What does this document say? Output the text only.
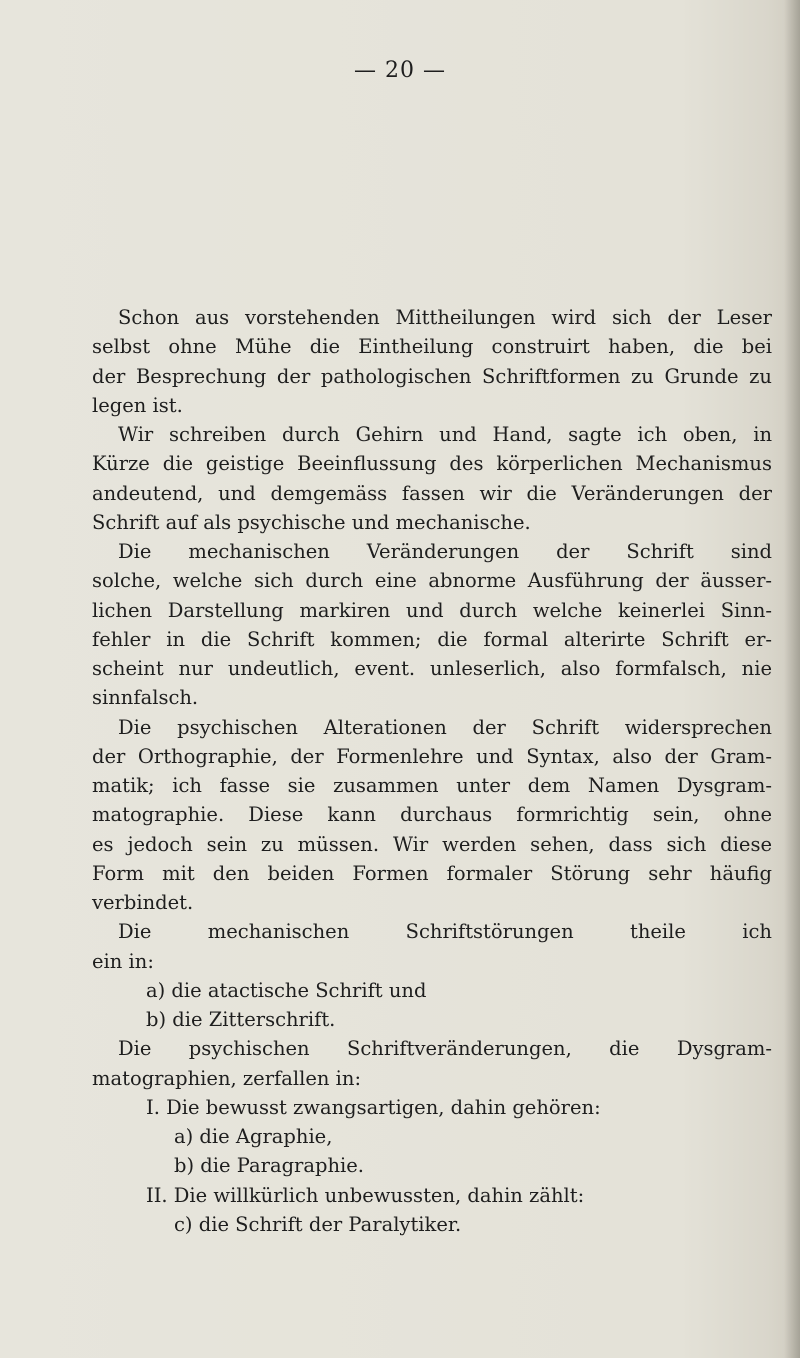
— 20 —
Schon aus vorstehenden Mittheilungen wird sich der Leser
selbst ohne Mühe die Eintheilung construirt haben, die bei
der Besprechung der pathologischen Schriftformen zu Grunde zu
legen ist.
Wir schreiben durch Gehirn und Hand, sagte ich oben, in
Kürze die geistige Beeinflussung des körperlichen Mechanismus
andeutend, und demgemäss fassen wir die Veränderungen der
Schrift auf als psychische und mechanische.
Die mechanischen Veränderungen der Schrift sind
solche, welche sich durch eine abnorme Ausführung der äusser-
lichen Darstellung markiren und durch welche keinerlei Sinn-
fehler in die Schrift kommen; die formal alterirte Schrift er-
scheint nur undeutlich, event. unleserlich, also formfalsch, nie
sinnfalsch.
Die psychischen Alterationen der Schrift widersprechen
der Orthographie, der Formenlehre und Syntax, also der Gram-
matik; ich fasse sie zusammen unter dem Namen Dysgram-
matographie. Diese kann durchaus formrichtig sein, ohne
es jedoch sein zu müssen. Wir werden sehen, dass sich diese
Form mit den beiden Formen formaler Störung sehr häufig
verbindet.
Die mechanischen Schriftstörungen theile ich
ein in:
a) die atactische Schrift und
b) die Zitterschrift.
Die psychischen Schriftveränderungen, die Dysgram-
matographien, zerfallen in:
I. Die bewusst zwangsartigen, dahin gehören:
a) die Agraphie,
b) die Paragraphie.
II. Die willkürlich unbewussten, dahin zählt:
c) die Schrift der Paralytiker.
